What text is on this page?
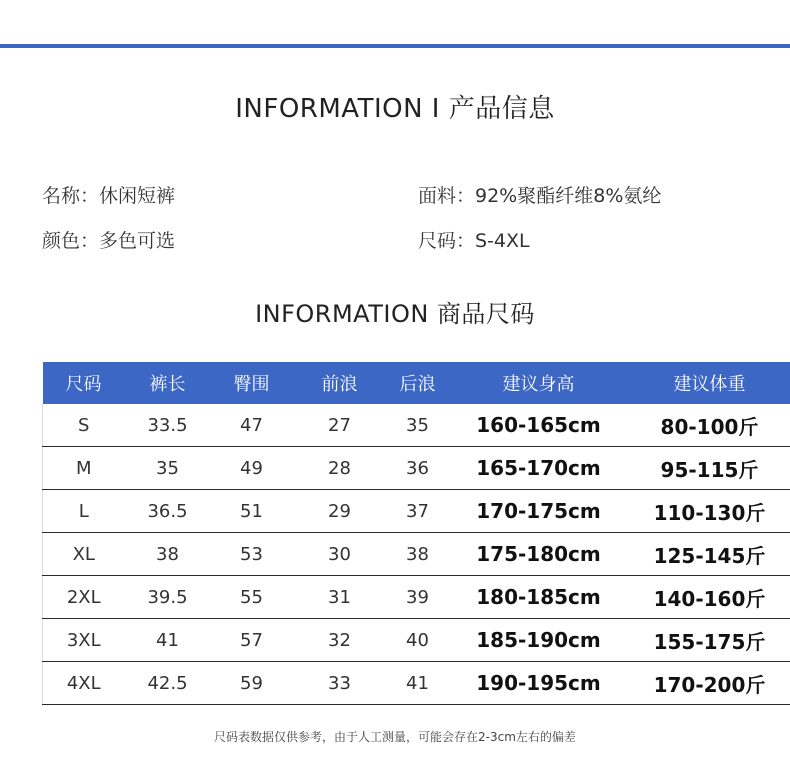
INFORMATION I 产品信息
名称：休闲短裤	面料：92%聚酯纤维8%氨纶
颜色：多色可选	尺码：S-4XL
INFORMATION 商品尺码
尺码	裤长	臀围	前浪	后浪	建议身高	建议体重
S	33.5	47	27	35	160-165cm	80-100斤
M	35	49	28	36	165-170cm	95-115斤
L	36.5	51	29	37	170-175cm	110-130斤
XL	38	53	30	38	175-180cm	125-145斤
2XL	39.5	55	31	39	180-185cm	140-160斤
3XL	41	57	32	40	185-190cm	155-175斤
4XL	42.5	59	33	41	190-195cm	170-200斤
尺码表数据仅供参考，由于人工测量，可能会存在2-3cm左右的偏差
